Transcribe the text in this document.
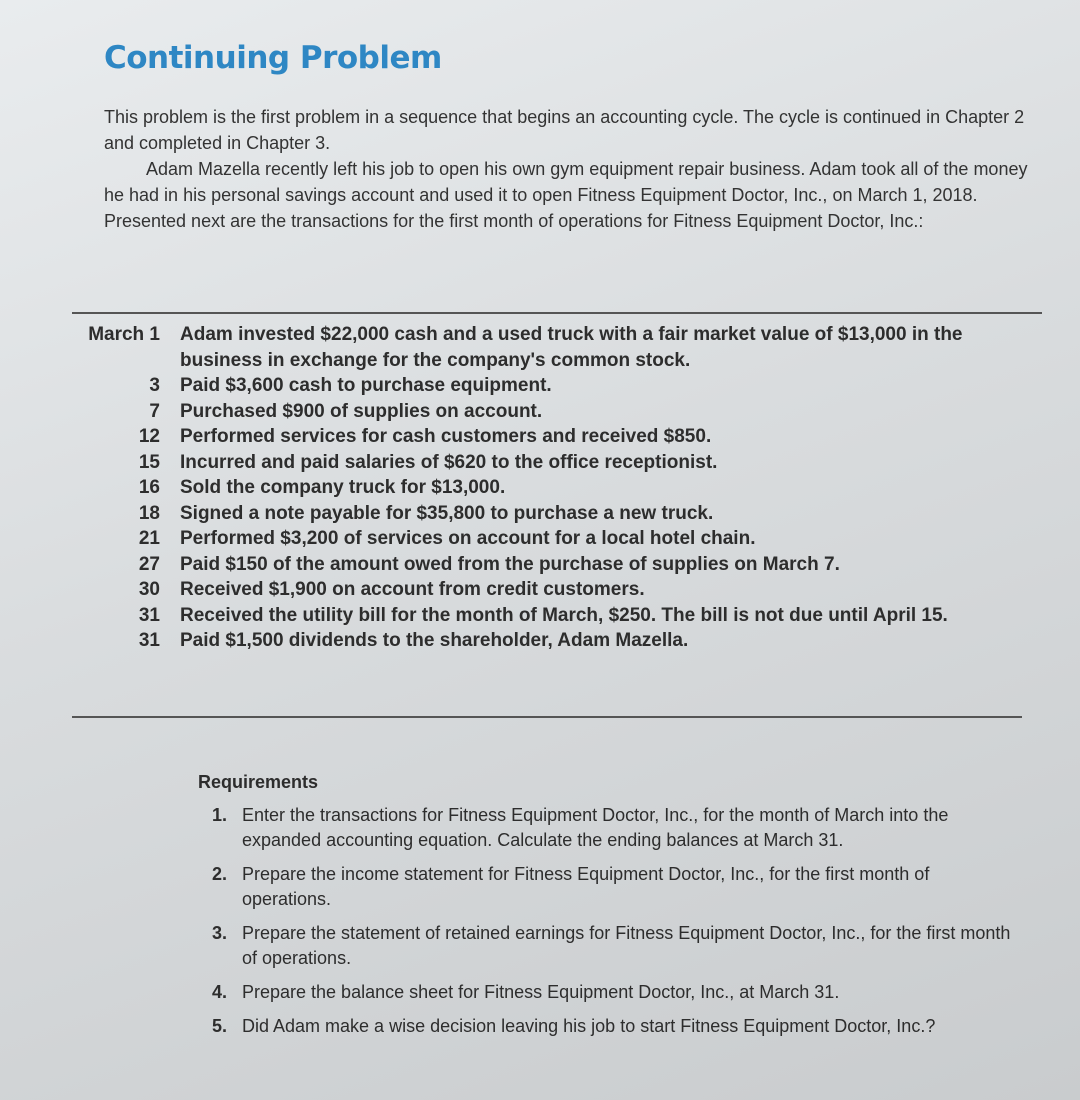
Continuing Problem

This problem is the first problem in a sequence that begins an accounting cycle. The cycle is continued in Chapter 2 and completed in Chapter 3.

Adam Mazella recently left his job to open his own gym equipment repair business. Adam took all of the money he had in his personal savings account and used it to open Fitness Equipment Doctor, Inc., on March 1, 2018. Presented next are the transactions for the first month of operations for Fitness Equipment Doctor, Inc.:

March 1	Adam invested $22,000 cash and a used truck with a fair market value of $13,000 in the business in exchange for the company's common stock.
3	Paid $3,600 cash to purchase equipment.
7	Purchased $900 of supplies on account.
12	Performed services for cash customers and received $850.
15	Incurred and paid salaries of $620 to the office receptionist.
16	Sold the company truck for $13,000.
18	Signed a note payable for $35,800 to purchase a new truck.
21	Performed $3,200 of services on account for a local hotel chain.
27	Paid $150 of the amount owed from the purchase of supplies on March 7.
30	Received $1,900 on account from credit customers.
31	Received the utility bill for the month of March, $250. The bill is not due until April 15.
31	Paid $1,500 dividends to the shareholder, Adam Mazella.
Requirements
1. Enter the transactions for Fitness Equipment Doctor, Inc., for the month of March into the expanded accounting equation. Calculate the ending balances at March 31.
2. Prepare the income statement for Fitness Equipment Doctor, Inc., for the first month of operations.
3. Prepare the statement of retained earnings for Fitness Equipment Doctor, Inc., for the first month of operations.
4. Prepare the balance sheet for Fitness Equipment Doctor, Inc., at March 31.
5. Did Adam make a wise decision leaving his job to start Fitness Equipment Doctor, Inc.?
